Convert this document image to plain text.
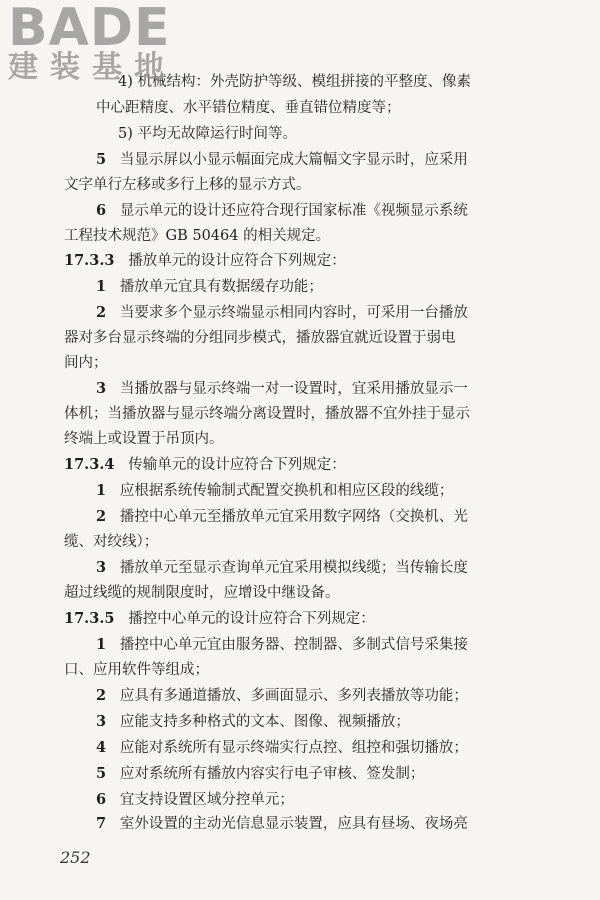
BADE
建装基地
4) 机械结构：外壳防护等级、模组拼接的平整度、像素
中心距精度、水平错位精度、垂直错位精度等；
5) 平均无故障运行时间等。
5 当显示屏以小显示幅面完成大篇幅文字显示时，应采用
文字单行左移或多行上移的显示方式。
6 显示单元的设计还应符合现行国家标准《视频显示系统
工程技术规范》GB 50464 的相关规定。
17.3.3 播放单元的设计应符合下列规定：
1 播放单元宜具有数据缓存功能；
2 当要求多个显示终端显示相同内容时，可采用一台播放
器对多台显示终端的分组同步模式，播放器宜就近设置于弱电
间内；
3 当播放器与显示终端一对一设置时，宜采用播放显示一
体机；当播放器与显示终端分离设置时，播放器不宜外挂于显示
终端上或设置于吊顶内。
17.3.4 传输单元的设计应符合下列规定：
1 应根据系统传输制式配置交换机和相应区段的线缆；
2 播控中心单元至播放单元宜采用数字网络（交换机、光
缆、对绞线）；
3 播放单元至显示查询单元宜采用模拟线缆；当传输长度
超过线缆的规制限度时，应增设中继设备。
17.3.5 播控中心单元的设计应符合下列规定：
1 播控中心单元宜由服务器、控制器、多制式信号采集接
口、应用软件等组成；
2 应具有多通道播放、多画面显示、多列表播放等功能；
3 应能支持多种格式的文本、图像、视频播放；
4 应能对系统所有显示终端实行点控、组控和强切播放；
5 应对系统所有播放内容实行电子审核、签发制；
6 宜支持设置区域分控单元；
7 室外设置的主动光信息显示装置，应具有昼场、夜场亮
252
